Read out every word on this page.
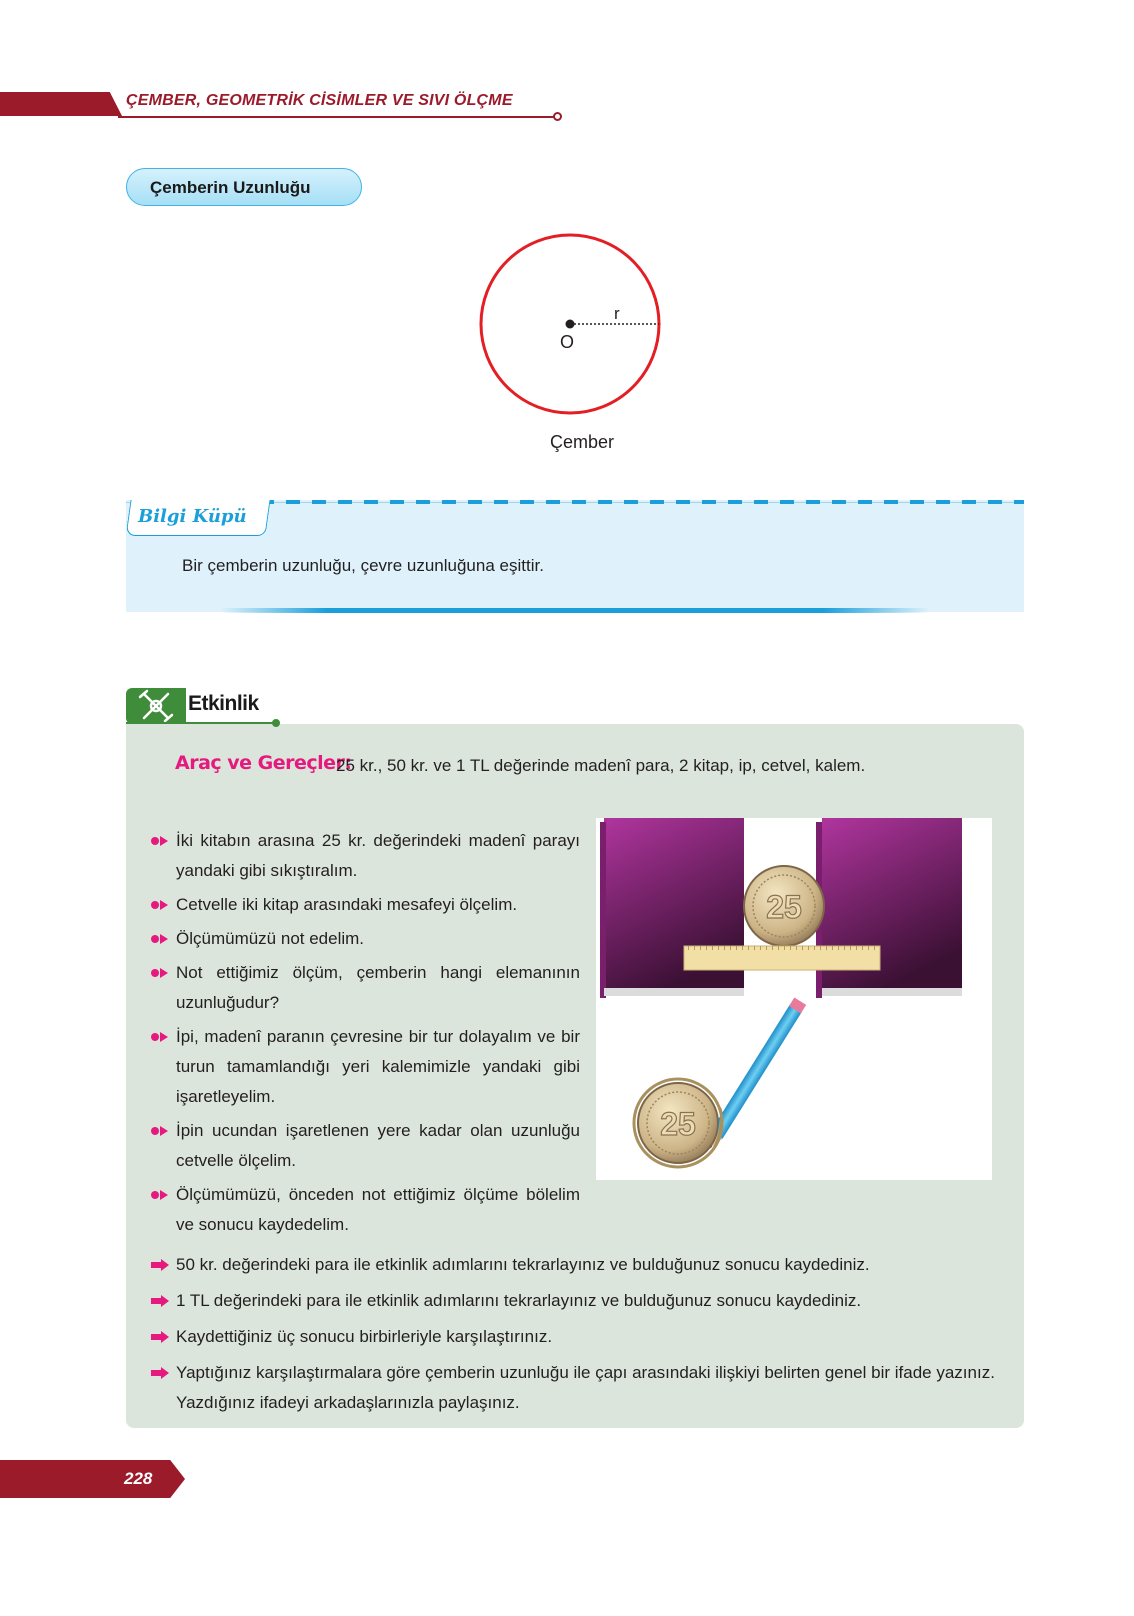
ÇEMBER, GEOMETRİK CİSİMLER VE SIVI ÖLÇME
Çemberin Uzunluğu
r
O
Çember
Bilgi Küpü
Bir çemberin uzunluğu, çevre uzunluğuna eşittir.
Etkinlik
Araç ve Gereçler:
25 kr., 50 kr. ve 1 TL değerinde madenî para, 2 kitap, ip, cetvel, kalem.
İki kitabın arasına 25 kr. değerindeki madenî parayı yandaki gibi sıkıştıralım.
Cetvelle iki kitap arasındaki mesafeyi ölçelim.
Ölçümümüzü not edelim.
Not ettiğimiz ölçüm, çemberin hangi elemanının uzunluğudur?
İpi, madenî paranın çevresine bir tur dolayalım ve bir turun tamamlandığı yeri kalemimizle yandaki gibi işaretleyelim.
İpin ucundan işaretlenen yere kadar olan uzunluğu cetvelle ölçelim.
Ölçümümüzü, önceden not ettiğimiz ölçüme bölelim ve sonucu kaydedelim.
25
25
50 kr. değerindeki para ile etkinlik adımlarını tekrarlayınız ve bulduğunuz sonucu kaydediniz.
1 TL değerindeki para ile etkinlik adımlarını tekrarlayınız ve bulduğunuz sonucu kaydediniz.
Kaydettiğiniz üç sonucu birbirleriyle karşılaştırınız.
Yaptığınız karşılaştırmalara göre çemberin uzunluğu ile çapı arasındaki ilişkiyi belirten genel bir ifade yazınız. Yazdığınız ifadeyi arkadaşlarınızla paylaşınız.
228
